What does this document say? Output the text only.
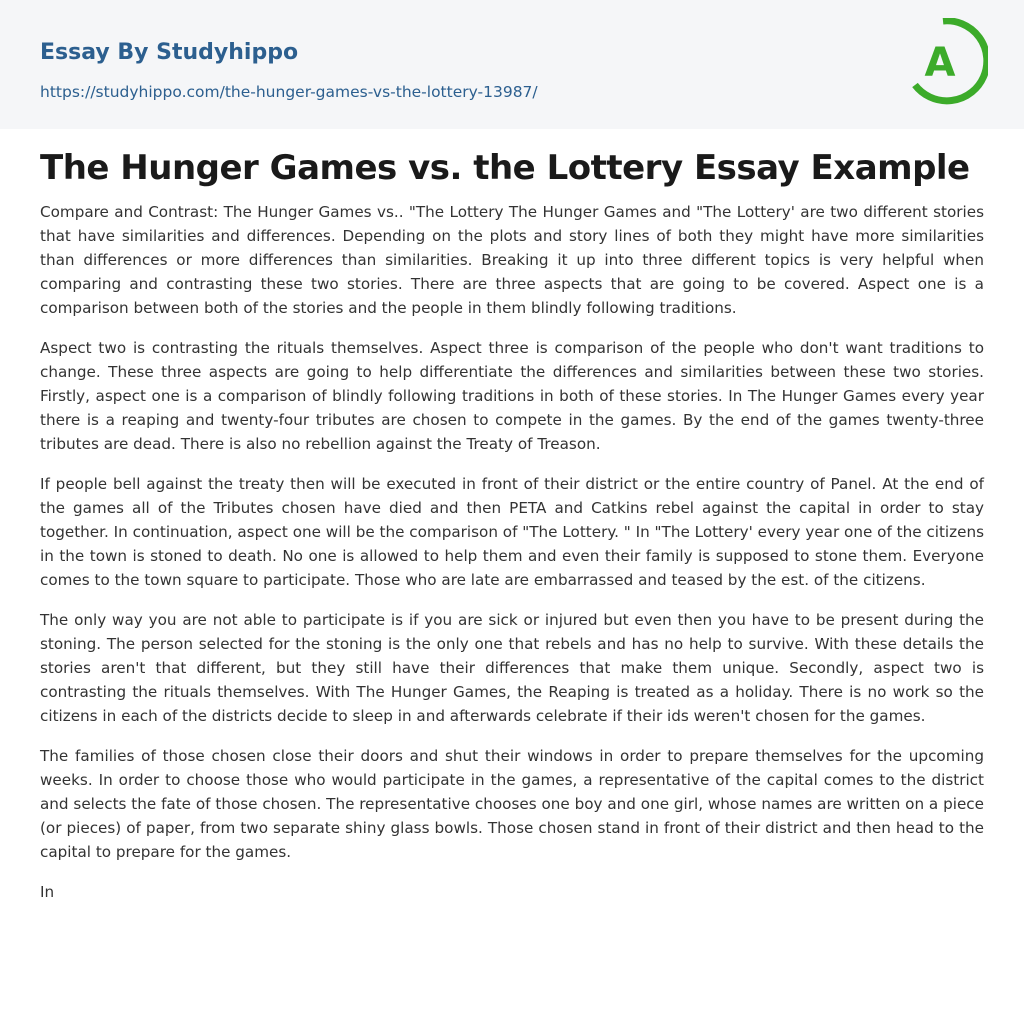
Essay By Studyhippo
https://studyhippo.com/the-hunger-games-vs-the-lottery-13987/
A
The Hunger Games vs. the Lottery Essay Example

Compare and Contrast: The Hunger Games vs.. "The Lottery The Hunger Games and "The Lottery' are two different stories that have similarities and differences. Depending on the plots and story lines of both they might have more similarities than differences or more differences than similarities. Breaking it up into three different topics is very helpful when comparing and contrasting these two stories. There are three aspects that are going to be covered. Aspect one is a comparison between both of the stories and the people in them blindly following traditions.

Aspect two is contrasting the rituals themselves. Aspect three is comparison of the people who don't want traditions to change. These three aspects are going to help differentiate the differences and similarities between these two stories. Firstly, aspect one is a comparison of blindly following traditions in both of these stories. In The Hunger Games every year there is a reaping and twenty-four tributes are chosen to compete in the games. By the end of the games twenty-three tributes are dead. There is also no rebellion against the Treaty of Treason.

If people bell against the treaty then will be executed in front of their district or the entire country of Panel. At the end of the games all of the Tributes chosen have died and then PETA and Catkins rebel against the capital in order to stay together. In continuation, aspect one will be the comparison of "The Lottery. " In "The Lottery' every year one of the citizens in the town is stoned to death. No one is allowed to help them and even their family is supposed to stone them. Everyone comes to the town square to participate. Those who are late are embarrassed and teased by the est. of the citizens.

The only way you are not able to participate is if you are sick or injured but even then you have to be present during the stoning. The person selected for the stoning is the only one that rebels and has no help to survive. With these details the stories aren't that different, but they still have their differences that make them unique. Secondly, aspect two is contrasting the rituals themselves. With The Hunger Games, the Reaping is treated as a holiday. There is no work so the citizens in each of the districts decide to sleep in and afterwards celebrate if their ids weren't chosen for the games.

The families of those chosen close their doors and shut their windows in order to prepare themselves for the upcoming weeks. In order to choose those who would participate in the games, a representative of the capital comes to the district and selects the fate of those chosen. The representative chooses one boy and one girl, whose names are written on a piece (or pieces) of paper, from two separate shiny glass bowls. Those chosen stand in front of their district and then head to the capital to prepare for the games.

In
